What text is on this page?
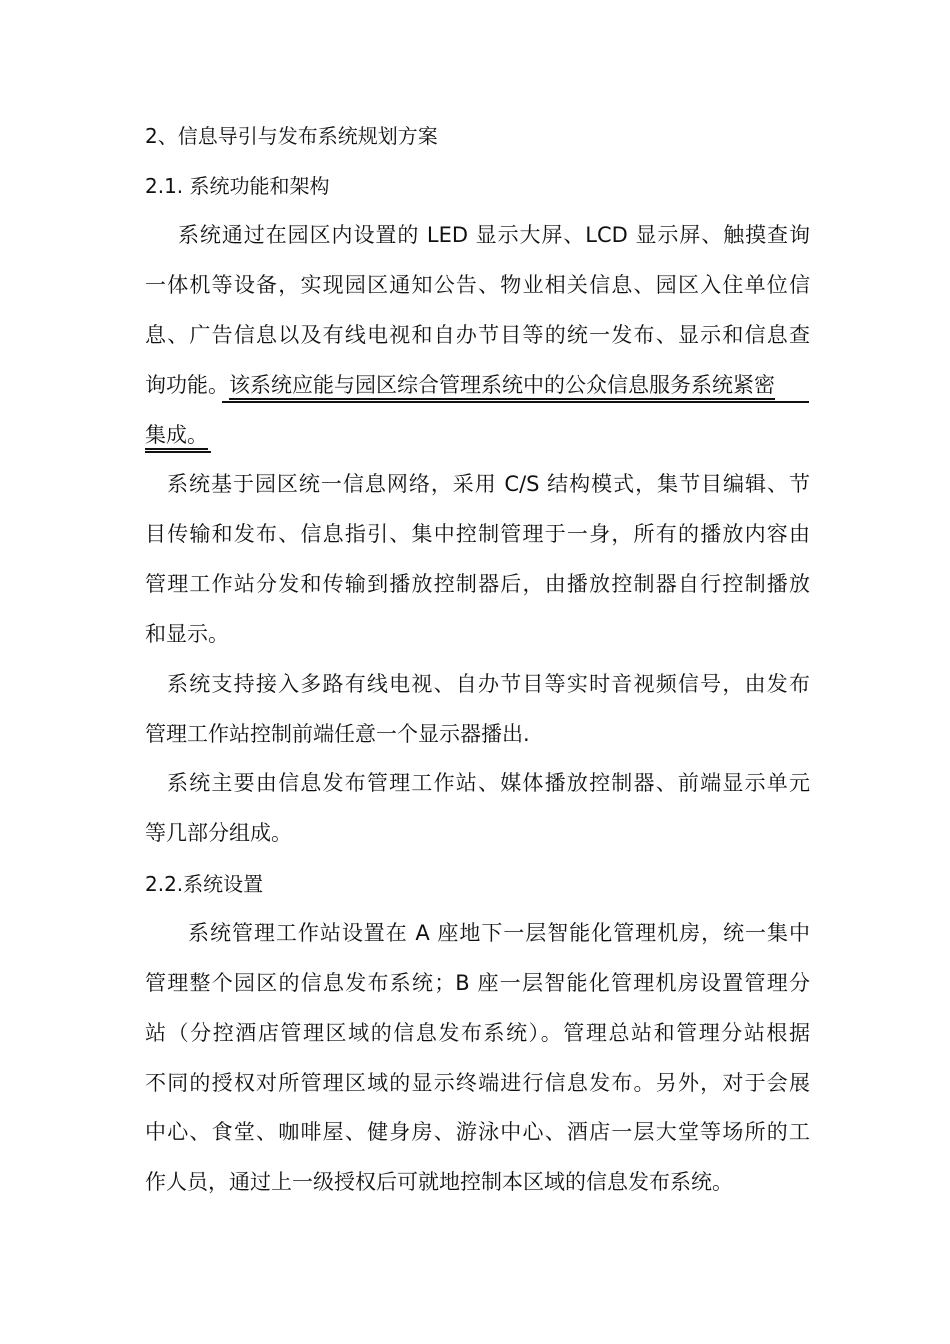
2、信息导引与发布系统规划方案
2.1. 系统功能和架构
系统通过在园区内设置的 LED 显示大屏、LCD 显示屏、触摸查询
一体机等设备，实现园区通知公告、物业相关信息、园区入住单位信
息、广告信息以及有线电视和自办节目等的统一发布、显示和信息查
询功能。该系统应能与园区综合管理系统中的公众信息服务系统紧密
集成。
系统基于园区统一信息网络，采用 C/S 结构模式，集节目编辑、节
目传输和发布、信息指引、集中控制管理于一身，所有的播放内容由
管理工作站分发和传输到播放控制器后，由播放控制器自行控制播放
和显示。
系统支持接入多路有线电视、自办节目等实时音视频信号，由发布
管理工作站控制前端任意一个显示器播出.
系统主要由信息发布管理工作站、媒体播放控制器、前端显示单元
等几部分组成。
2.2.系统设置
系统管理工作站设置在 A 座地下一层智能化管理机房，统一集中
管理整个园区的信息发布系统；B 座一层智能化管理机房设置管理分
站（分控酒店管理区域的信息发布系统）。管理总站和管理分站根据
不同的授权对所管理区域的显示终端进行信息发布。另外，对于会展
中心、食堂、咖啡屋、健身房、游泳中心、酒店一层大堂等场所的工
作人员，通过上一级授权后可就地控制本区域的信息发布系统。
